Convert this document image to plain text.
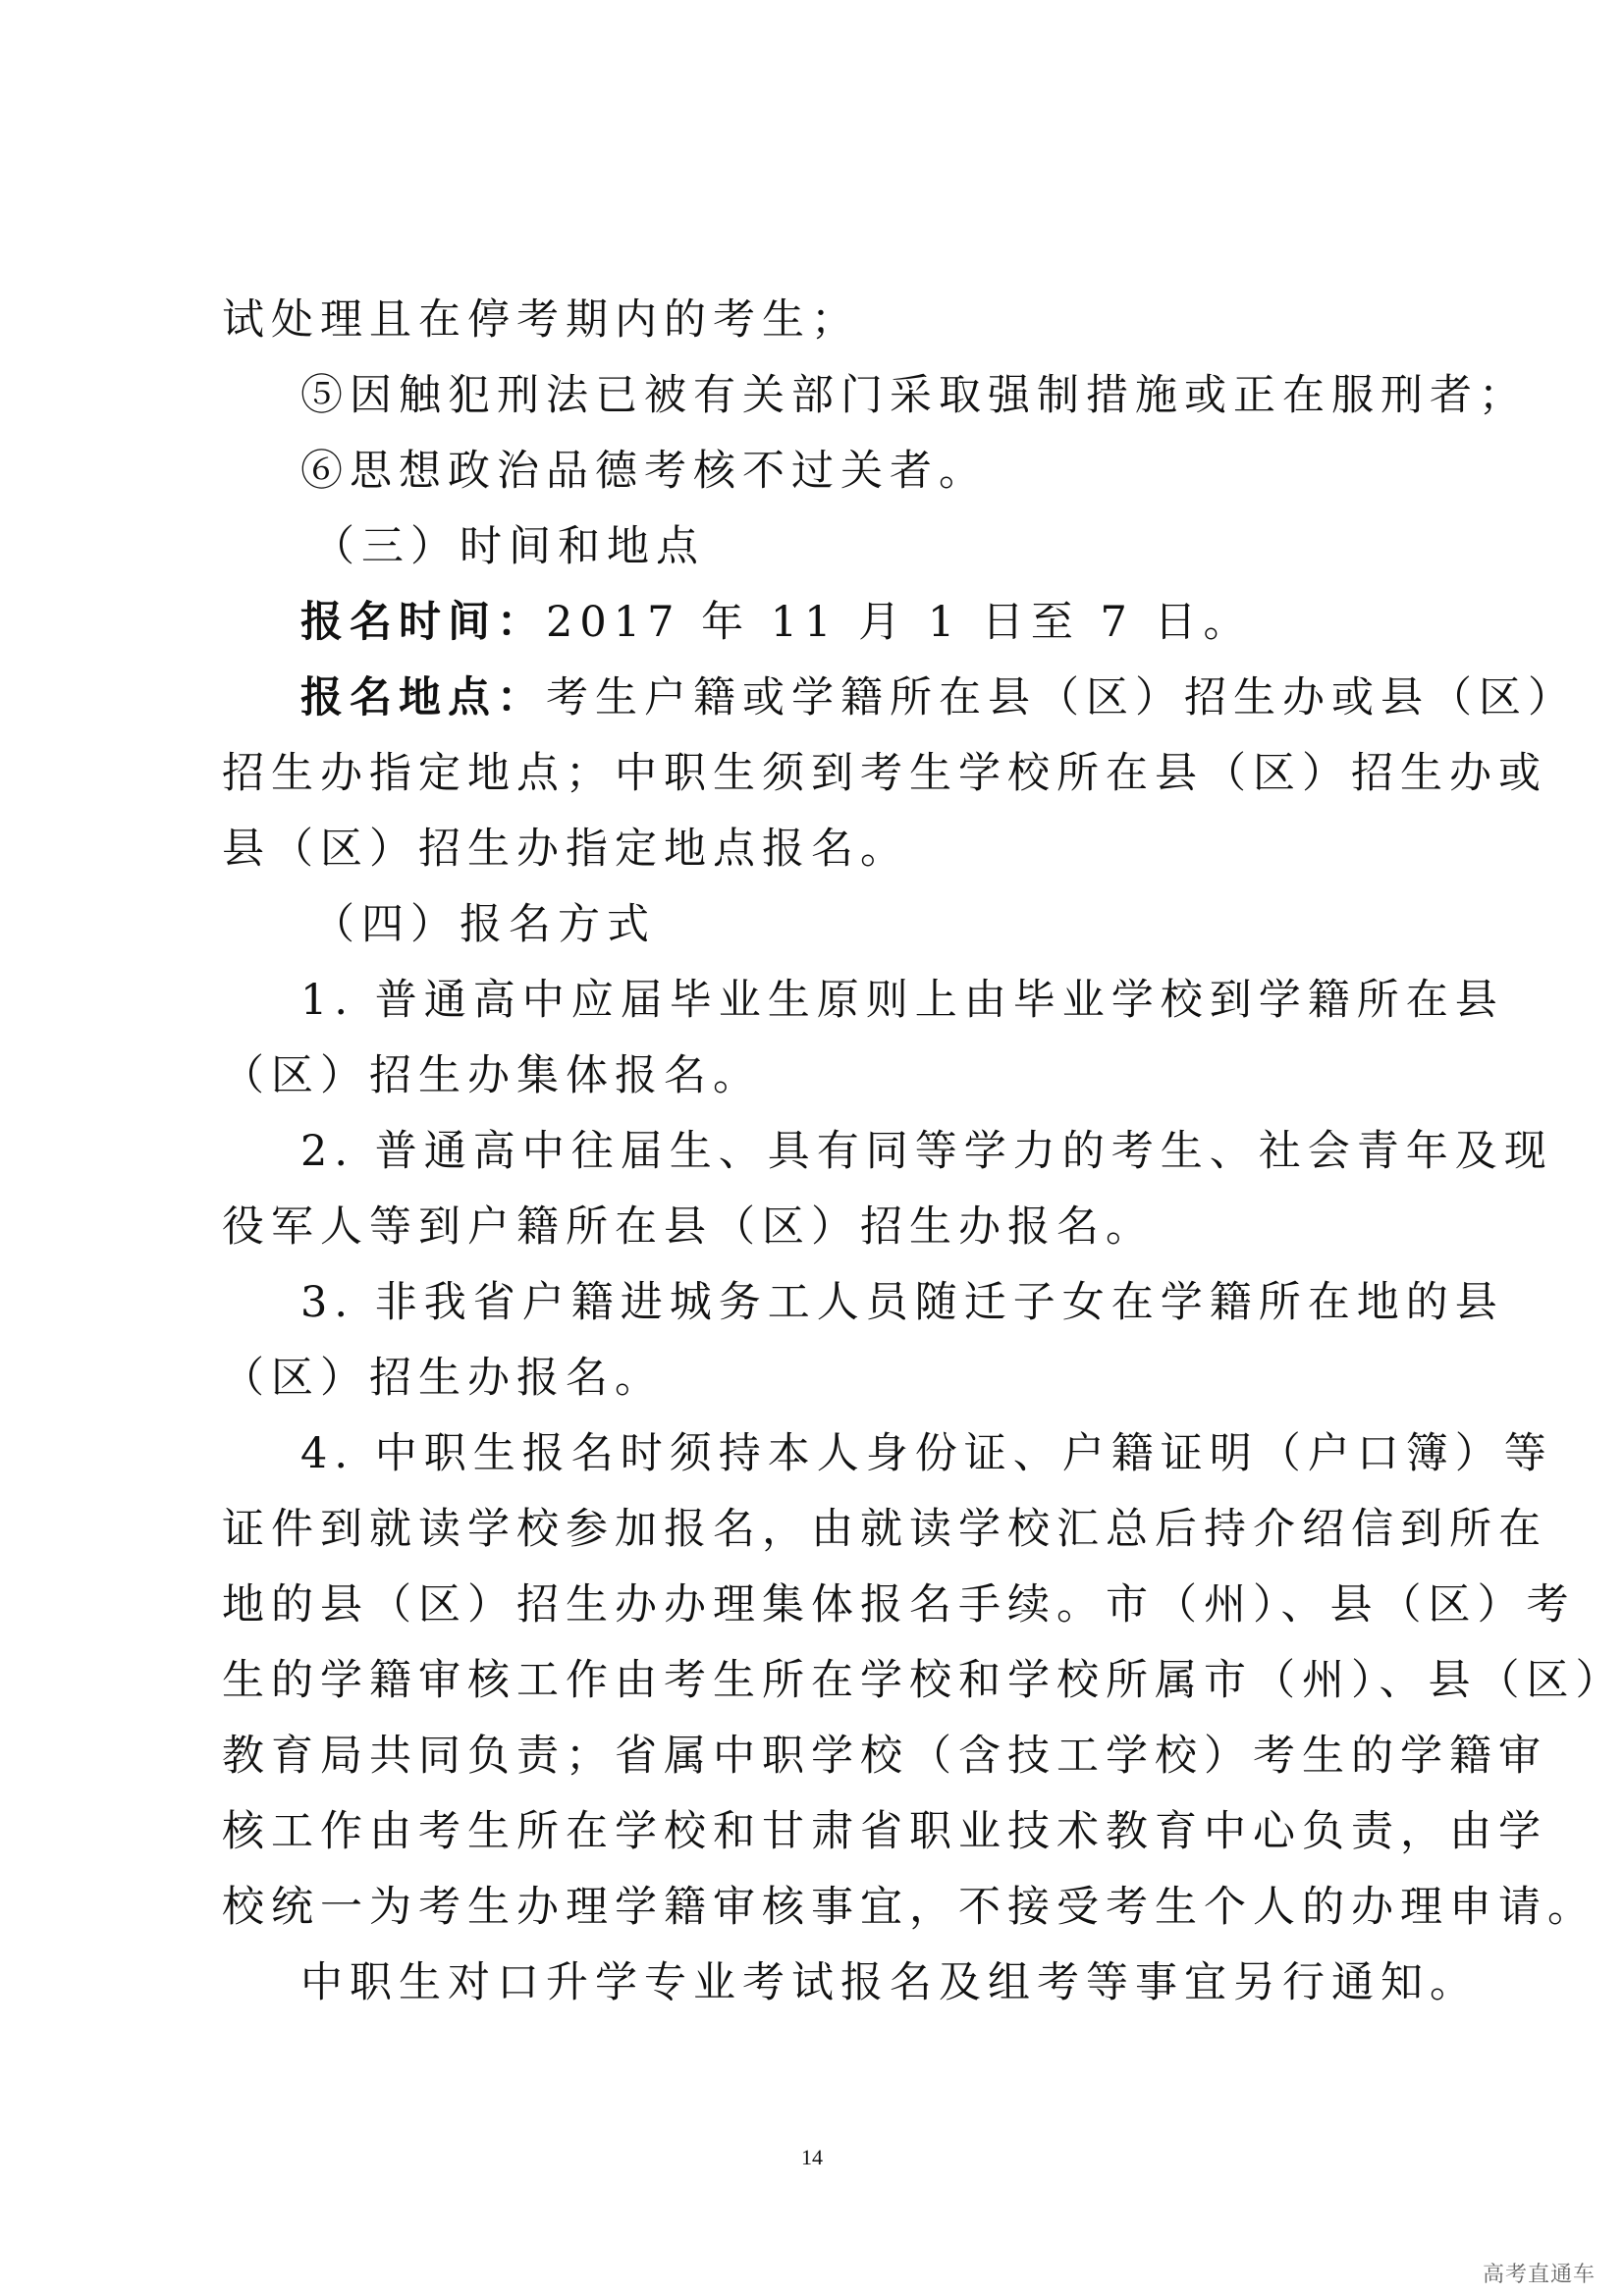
试处理且在停考期内的考生；
⑤因触犯刑法已被有关部门采取强制措施或正在服刑者；
⑥思想政治品德考核不过关者。
（三）时间和地点
报名时间：2017 年 11 月 1 日至 7 日。
报名地点：考生户籍或学籍所在县（区）招生办或县（区）
招生办指定地点；中职生须到考生学校所在县（区）招生办或
县（区）招生办指定地点报名。
（四）报名方式
1. 普通高中应届毕业生原则上由毕业学校到学籍所在县
（区）招生办集体报名。
2. 普通高中往届生、具有同等学力的考生、社会青年及现
役军人等到户籍所在县（区）招生办报名。
3. 非我省户籍进城务工人员随迁子女在学籍所在地的县
（区）招生办报名。
4. 中职生报名时须持本人身份证、户籍证明（户口簿）等
证件到就读学校参加报名，由就读学校汇总后持介绍信到所在
地的县（区）招生办办理集体报名手续。市（州）、县（区）考
生的学籍审核工作由考生所在学校和学校所属市（州）、县（区）
教育局共同负责；省属中职学校（含技工学校）考生的学籍审
核工作由考生所在学校和甘肃省职业技术教育中心负责，由学
校统一为考生办理学籍审核事宜，不接受考生个人的办理申请。
中职生对口升学专业考试报名及组考等事宜另行通知。
14
高考直通车
